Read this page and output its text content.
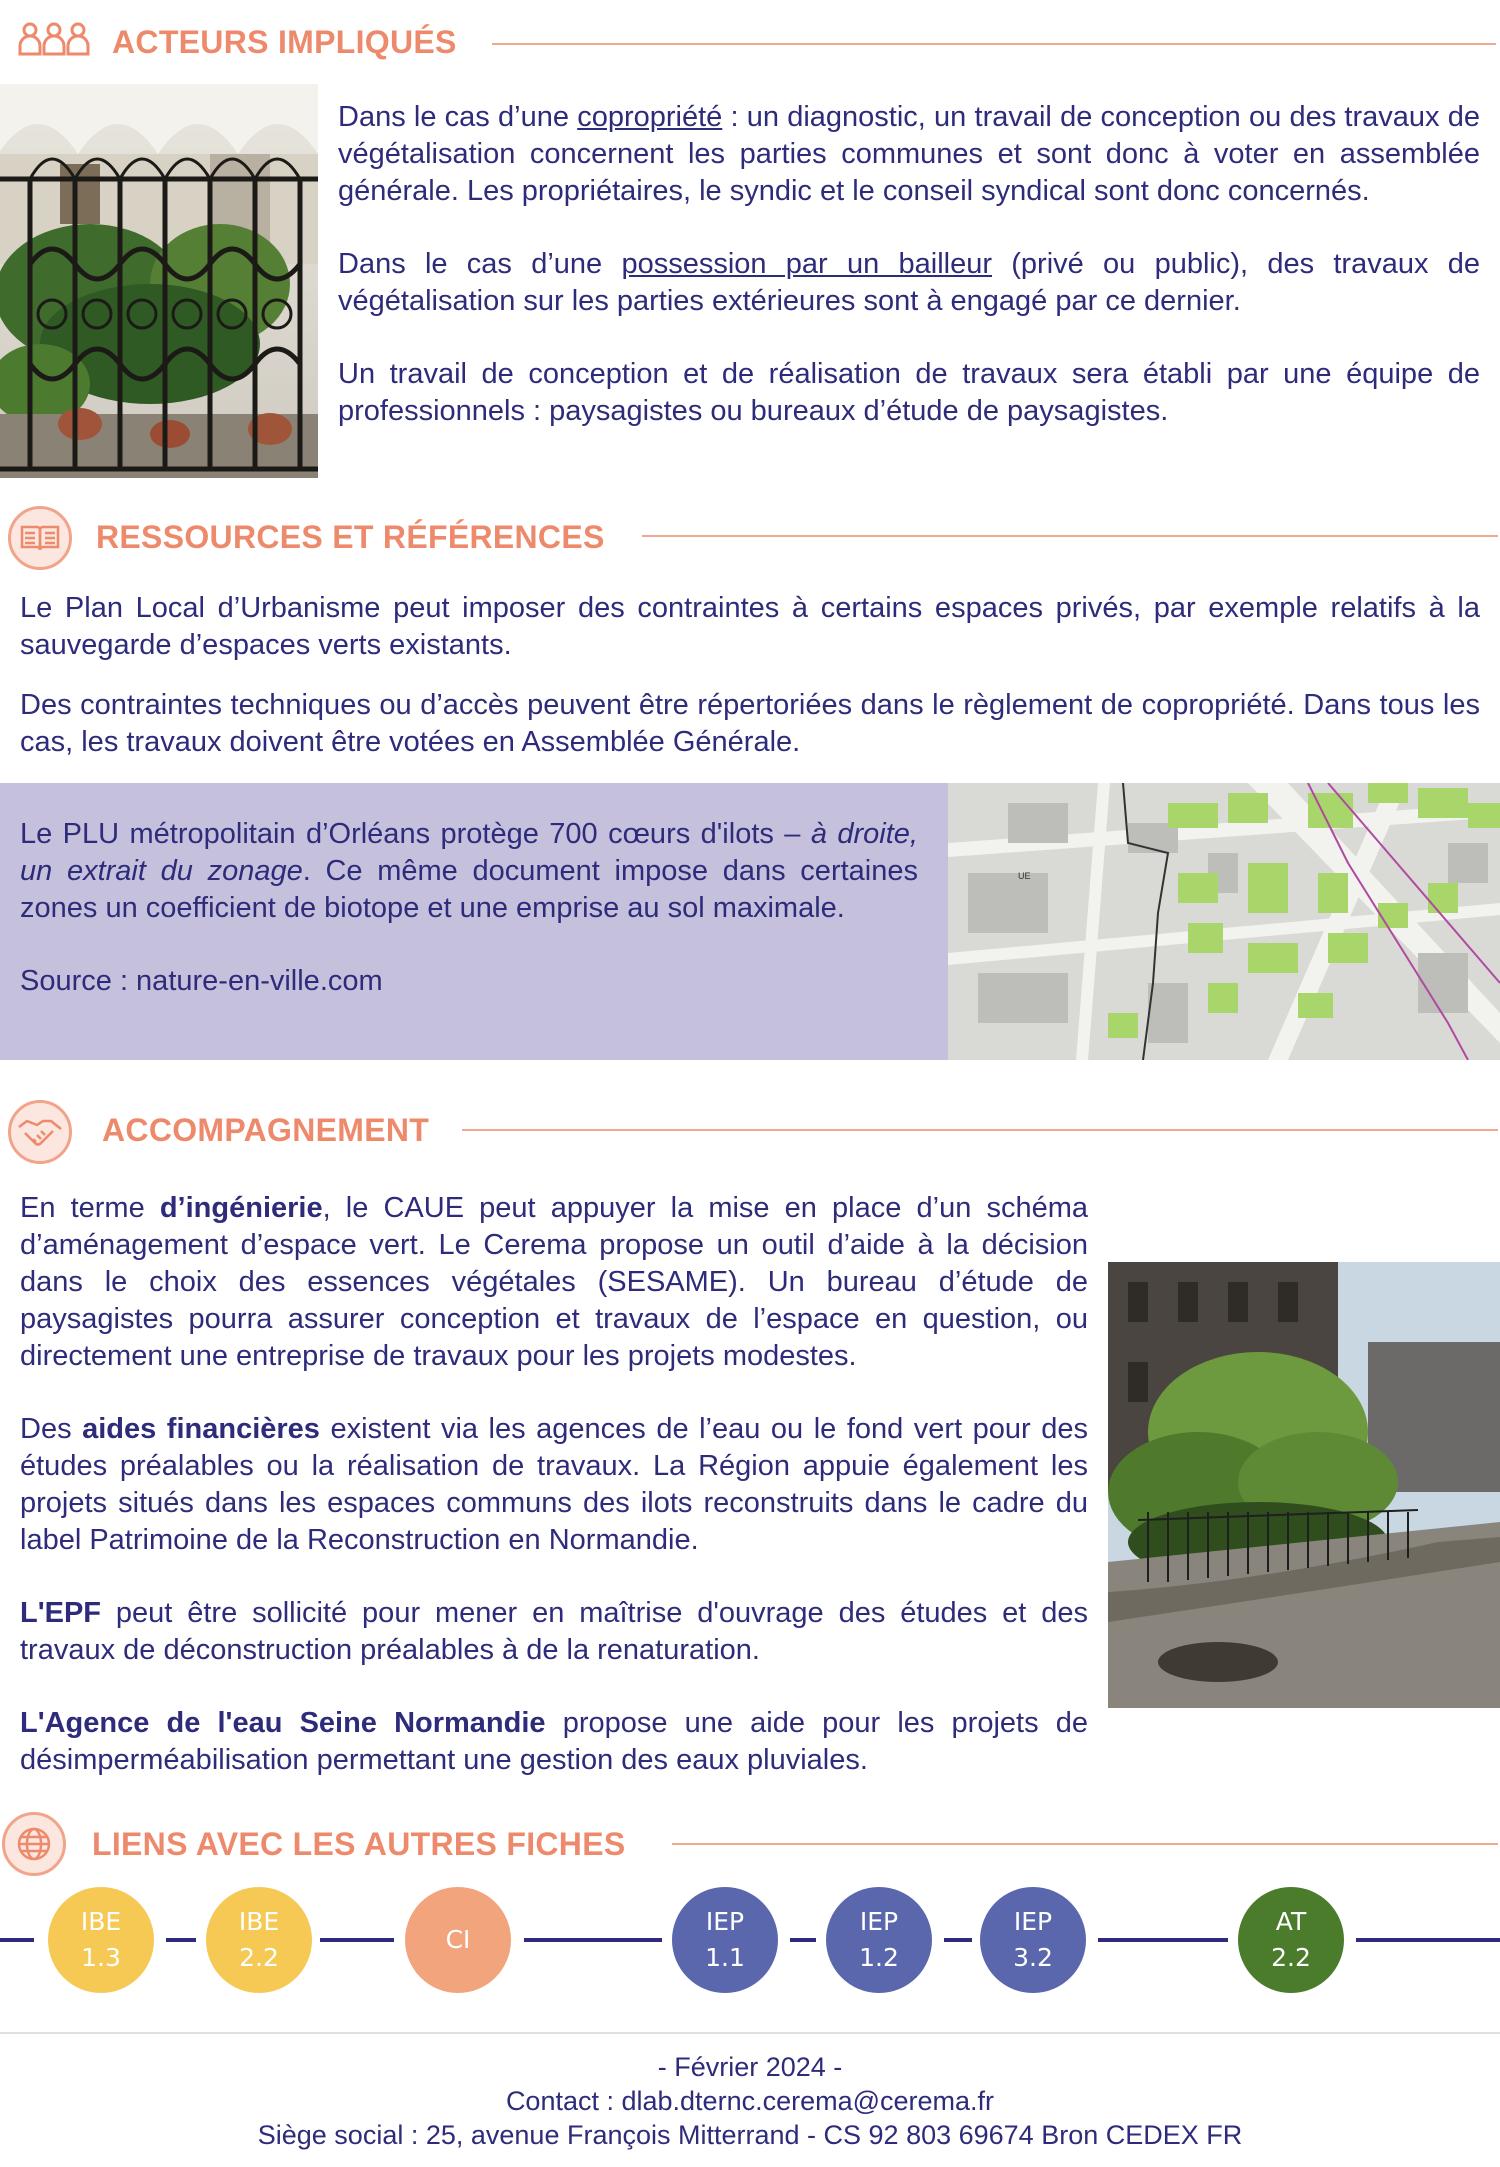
ACTEURS IMPLIQUÉS

Dans le cas d’une copropriété : un diagnostic, un travail de conception ou des travaux de végétalisation concernent les parties communes et sont donc à voter en assemblée générale. Les propriétaires, le syndic et le conseil syndical sont donc concernés.

Dans le cas d’une possession par un bailleur (privé ou public), des travaux de végétalisation sur les parties extérieures sont à engagé par ce dernier.

Un travail de conception et de réalisation de travaux sera établi par une équipe de professionnels : paysagistes ou bureaux d’étude de paysagistes.

RESSOURCES ET RÉFÉRENCES

Le Plan Local d’Urbanisme peut imposer des contraintes à certains espaces privés, par exemple relatifs à la sauvegarde d’espaces verts existants.

Des contraintes techniques ou d’accès peuvent être répertoriées dans le règlement de copropriété. Dans tous les cas, les travaux doivent être votées en Assemblée Générale.

Le PLU métropolitain d’Orléans protège 700 cœurs d'ilots – à droite, un extrait du zonage. Ce même document impose dans certaines zones un coefficient de biotope et une emprise au sol maximale.

Source : nature-en-ville.com

UE
ACCOMPAGNEMENT

En terme d’ingénierie, le CAUE peut appuyer la mise en place d’un schéma d’aménagement d’espace vert. Le Cerema propose un outil d’aide à la décision dans le choix des essences végétales (SESAME). Un bureau d’étude de paysagistes pourra assurer conception et travaux de l’espace en question, ou directement une entreprise de travaux pour les projets modestes.

Des aides financières existent via les agences de l’eau ou le fond vert pour des études préalables ou la réalisation de travaux. La Région appuie également les projets situés dans les espaces communs des ilots reconstruits dans le cadre du label Patrimoine de la Reconstruction en Normandie.

L'EPF peut être sollicité pour mener en maîtrise d'ouvrage des études et des travaux de déconstruction préalables à de la renaturation.

L'Agence de l'eau Seine Normandie propose une aide pour les projets de désimperméabilisation permettant une gestion des eaux pluviales.

LIENS AVEC LES AUTRES FICHES
IBE
1.3
IBE
2.2
CI
IEP
1.1
IEP
1.2
IEP
3.2
AT
2.2
- Février 2024 -
Contact : dlab.dternc.cerema@cerema.fr
Siège social : 25, avenue François Mitterrand - CS 92 803 69674 Bron CEDEX FR
